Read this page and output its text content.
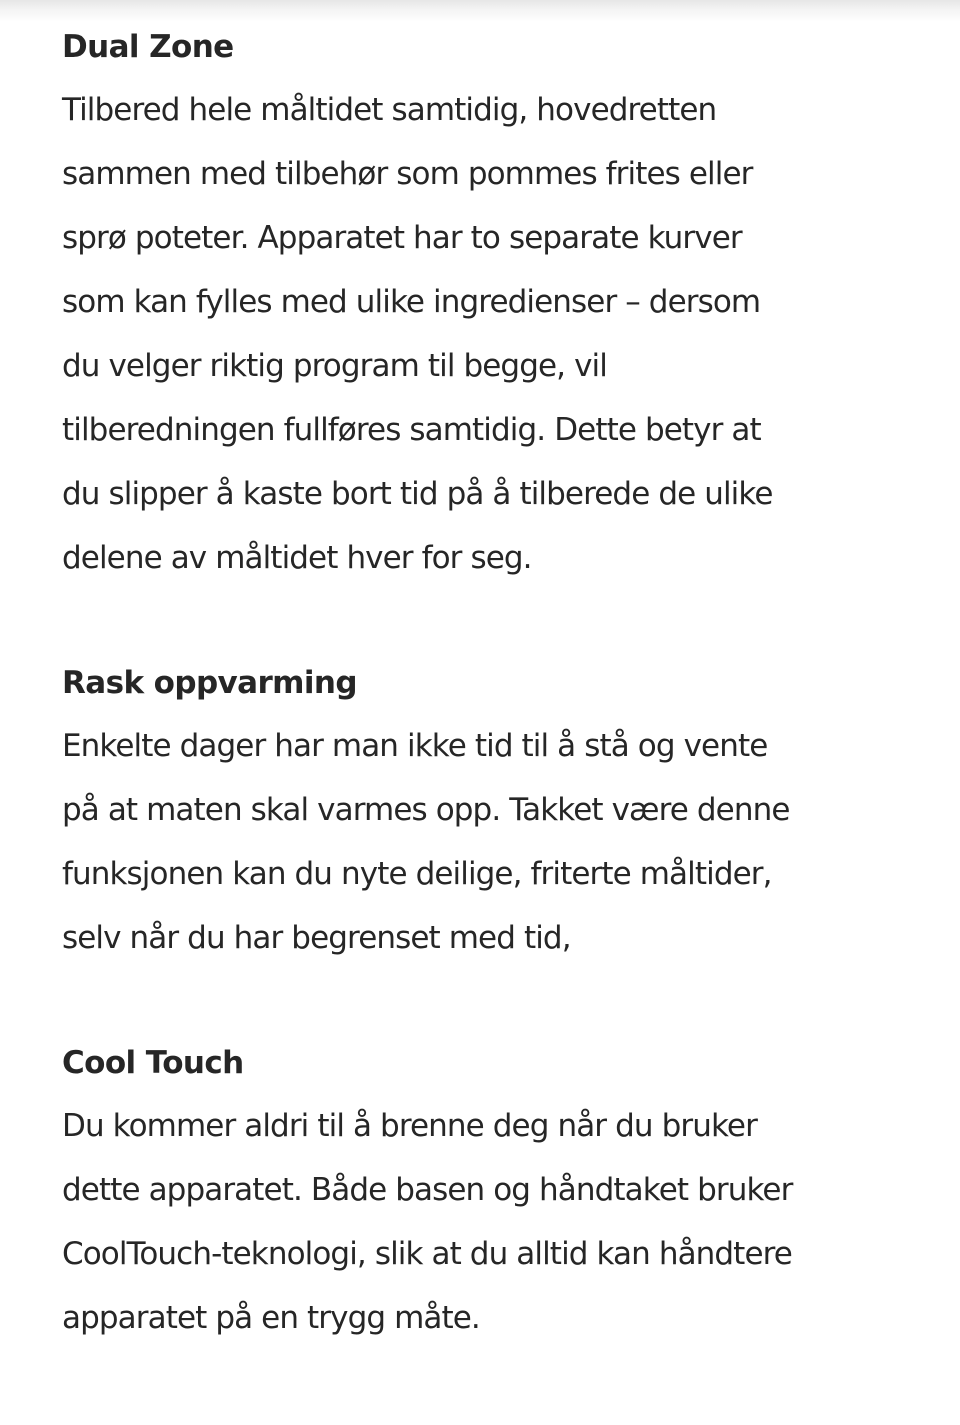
Dual Zone

Tilbered hele måltidet samtidig, hovedretten
sammen med tilbehør som pommes frites eller
sprø poteter. Apparatet har to separate kurver
som kan fylles med ulike ingredienser – dersom
du velger riktig program til begge, vil
tilberedningen fullføres samtidig. Dette betyr at
du slipper å kaste bort tid på å tilberede de ulike
delene av måltidet hver for seg.

Rask oppvarming

Enkelte dager har man ikke tid til å stå og vente
på at maten skal varmes opp. Takket være denne
funksjonen kan du nyte deilige, friterte måltider,
selv når du har begrenset med tid,

Cool Touch

Du kommer aldri til å brenne deg når du bruker
dette apparatet. Både basen og håndtaket bruker
CoolTouch-teknologi, slik at du alltid kan håndtere
apparatet på en trygg måte.
